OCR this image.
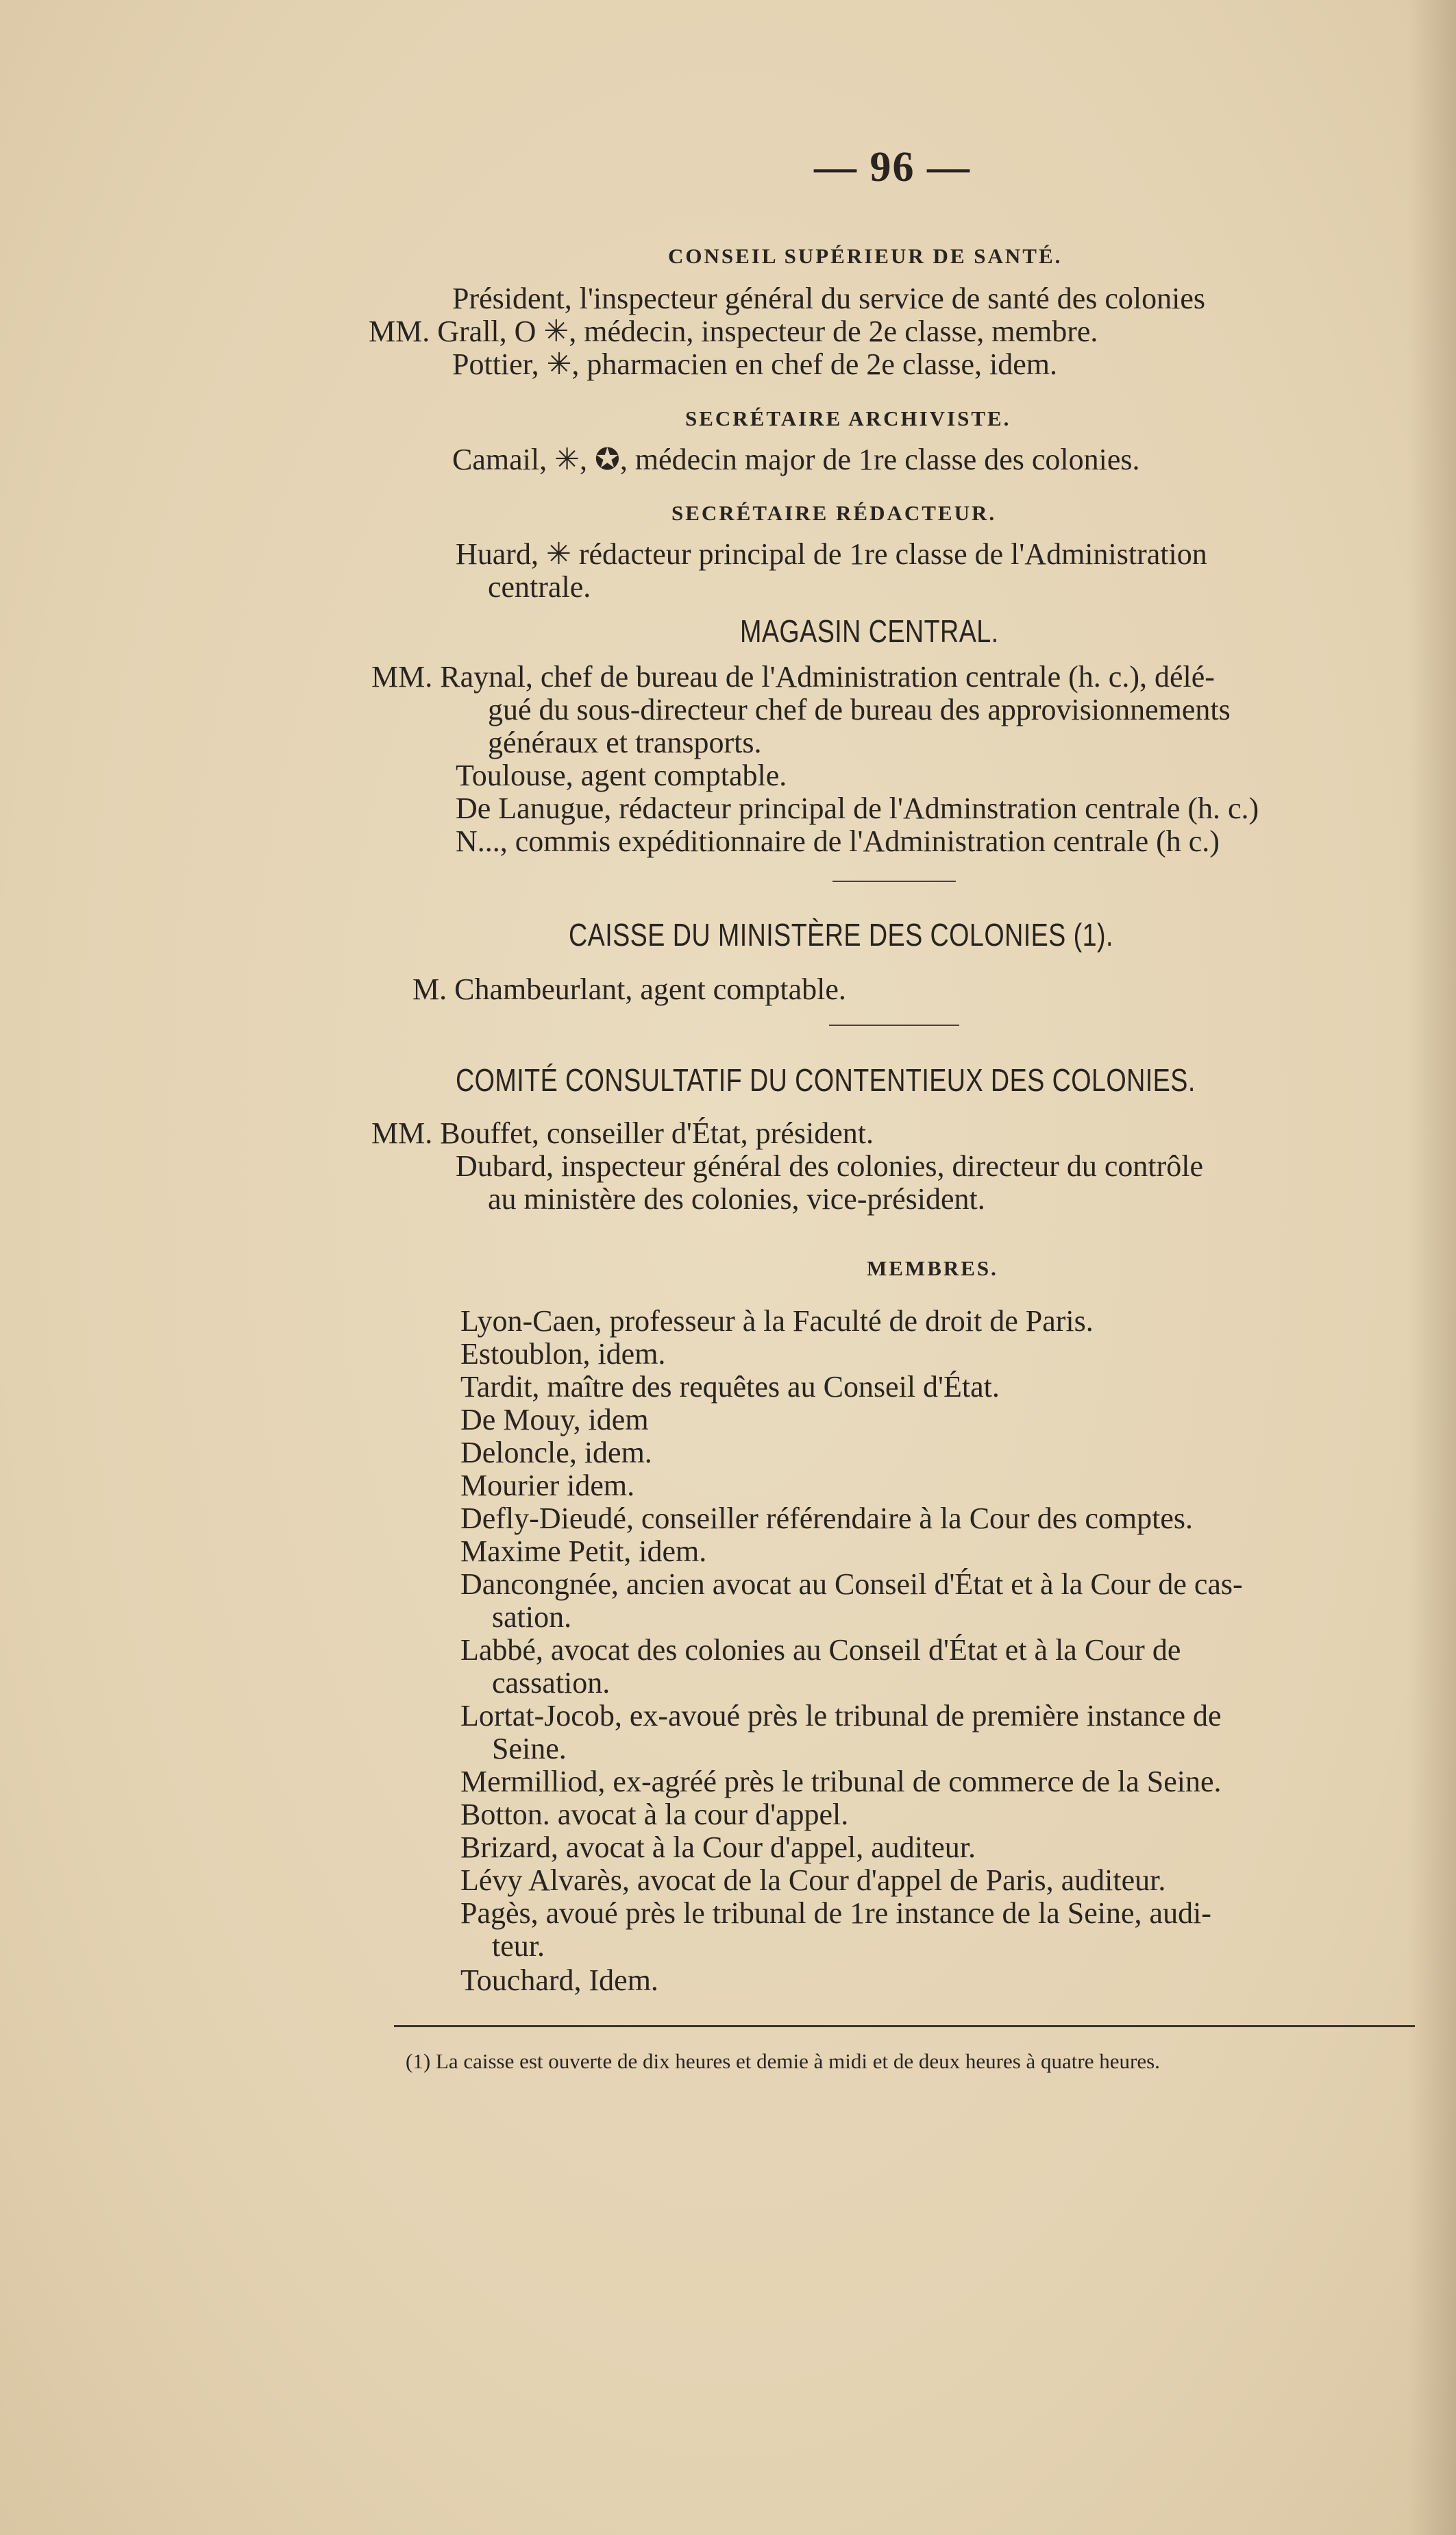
— 96 —
CONSEIL SUPÉRIEUR DE SANTÉ.
Président, l'inspecteur général du service de santé des colonies
MM. Grall, O ✳, médecin, inspecteur de 2e classe, membre.
Pottier, ✳, pharmacien en chef de 2e classe, idem.
SECRÉTAIRE ARCHIVISTE.
Camail, ✳, ✪, médecin major de 1re classe des colonies.
SECRÉTAIRE RÉDACTEUR.
Huard, ✳ rédacteur principal de 1re classe de l'Administration
centrale.
MAGASIN CENTRAL.
MM. Raynal, chef de bureau de l'Administration centrale (h. c.), délé-
gué du sous-directeur chef de bureau des approvisionnements
généraux et transports.
Toulouse, agent comptable.
De Lanugue, rédacteur principal de l'Adminstration centrale (h. c.)
N..., commis expéditionnaire de l'Administration centrale (h c.)
CAISSE DU MINISTÈRE DES COLONIES (1).
M. Chambeurlant, agent comptable.
COMITÉ CONSULTATIF DU CONTENTIEUX DES COLONIES.
MM. Bouffet, conseiller d'État, président.
Dubard, inspecteur général des colonies, directeur du contrôle
au ministère des colonies, vice-président.
MEMBRES.
Lyon-Caen, professeur à la Faculté de droit de Paris.
Estoublon, idem.
Tardit, maître des requêtes au Conseil d'État.
De Mouy, idem
Deloncle, idem.
Mourier idem.
Defly-Dieudé, conseiller référendaire à la Cour des comptes.
Maxime Petit, idem.
Dancongnée, ancien avocat au Conseil d'État et à la Cour de cas-
sation.
Labbé, avocat des colonies au Conseil d'État et à la Cour de
cassation.
Lortat-Jocob, ex-avoué près le tribunal de première instance de
Seine.
Mermilliod, ex-agréé près le tribunal de commerce de la Seine.
Botton. avocat à la cour d'appel.
Brizard, avocat à la Cour d'appel, auditeur.
Lévy Alvarès, avocat de la Cour d'appel de Paris, auditeur.
Pagès, avoué près le tribunal de 1re instance de la Seine, audi-
teur.
Touchard, Idem.
(1) La caisse est ouverte de dix heures et demie à midi et de deux heures à quatre heures.
